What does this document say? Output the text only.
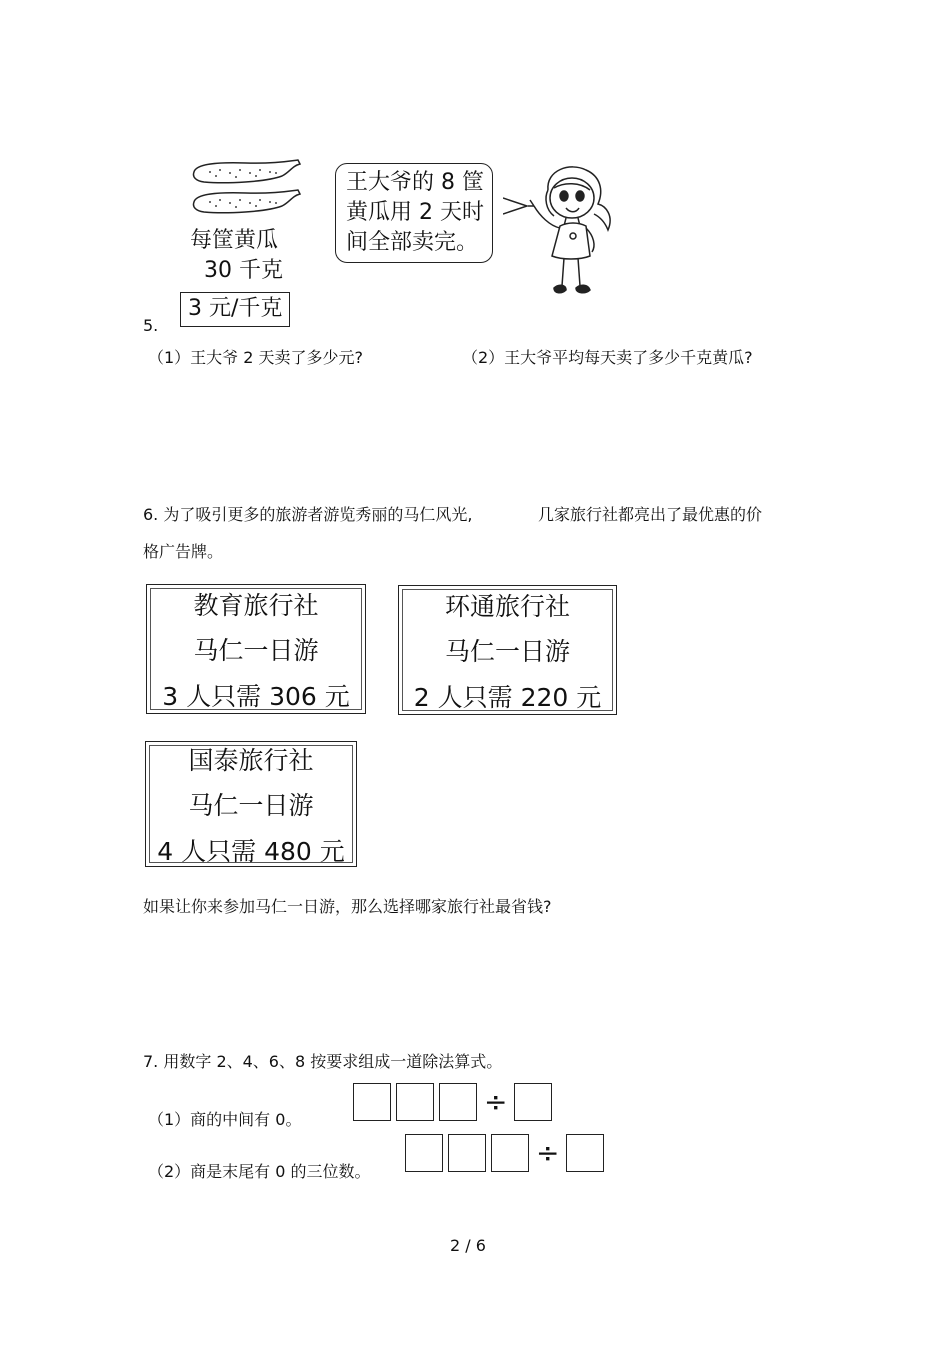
每筐黄瓜
30 千克
3 元/千克
5.
王大爷的 8 筐
黄瓜用 2 天时
间全部卖完。
（1）王大爷 2 天卖了多少元?	（2）王大爷平均每天卖了多少千克黄瓜?
6. 为了吸引更多的旅游者游览秀丽的马仁风光,	几家旅行社都亮出了最优惠的价
格广告牌。
教育旅行社
马仁一日游
3 人只需 306 元
环通旅行社
马仁一日游
2 人只需 220 元
国泰旅行社
马仁一日游
4 人只需 480 元
如果让你来参加马仁一日游，那么选择哪家旅行社最省钱?
7. 用数字 2、4、6、8 按要求组成一道除法算式。
（1）商的中间有 0。
÷
（2）商是末尾有 0 的三位数。
÷
2 / 6
